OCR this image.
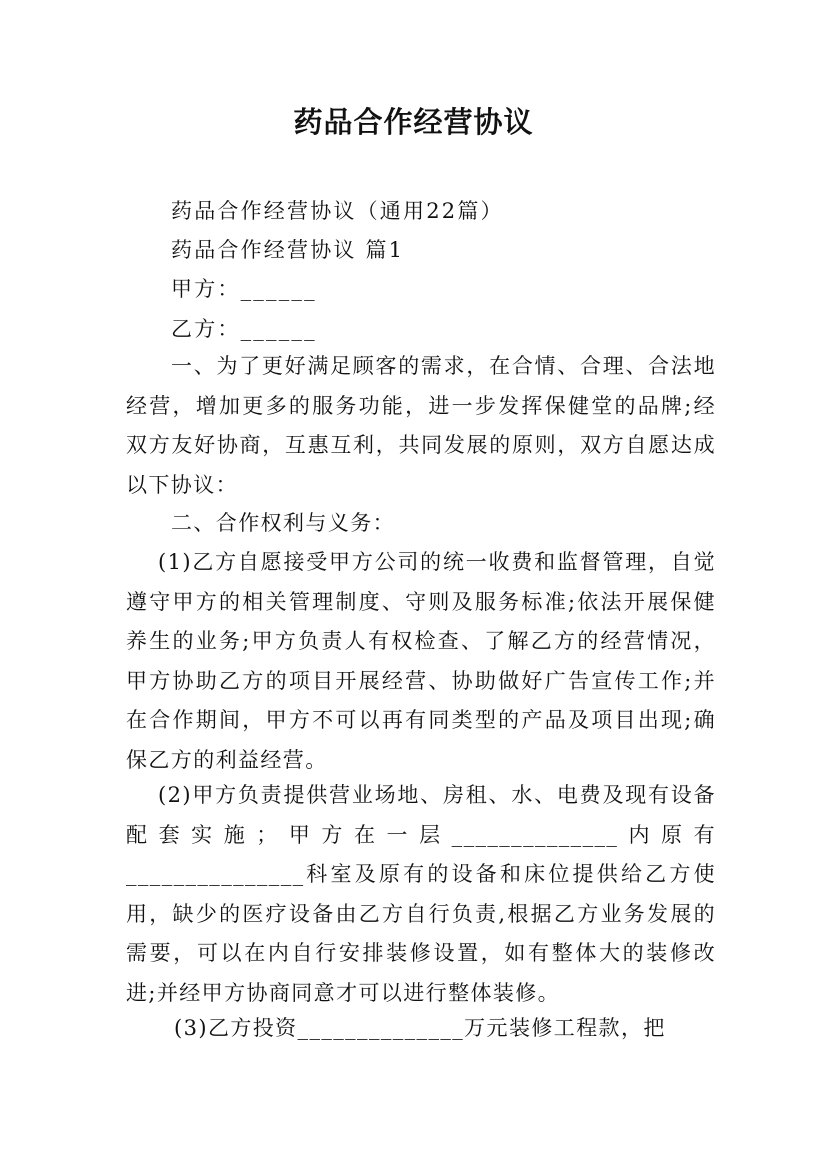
药品合作经营协议
药品合作经营协议（通用22篇）
药品合作经营协议 篇1
甲方：______
乙方：______
一、为了更好满足顾客的需求，在合情、合理、合法地经营，增加更多的服务功能，进一步发挥保健堂的品牌;经双方友好协商，互惠互利，共同发展的原则，双方自愿达成以下协议：
二、合作权利与义务：
(1)乙方自愿接受甲方公司的统一收费和监督管理，自觉遵守甲方的相关管理制度、守则及服务标准;依法开展保健养生的业务;甲方负责人有权检查、了解乙方的经营情况，甲方协助乙方的项目开展经营、协助做好广告宣传工作;并在合作期间，甲方不可以再有同类型的产品及项目出现;确保乙方的利益经营。
(2)甲方负责提供营业场地、房租、水、电费及现有设备配套实施；甲方在一层______________内原有_______________科室及原有的设备和床位提供给乙方使用，缺少的医疗设备由乙方自行负责,根据乙方业务发展的需要，可以在内自行安排装修设置，如有整体大的装修改进;并经甲方协商同意才可以进行整体装修。
(3)乙方投资______________万元装修工程款，把
